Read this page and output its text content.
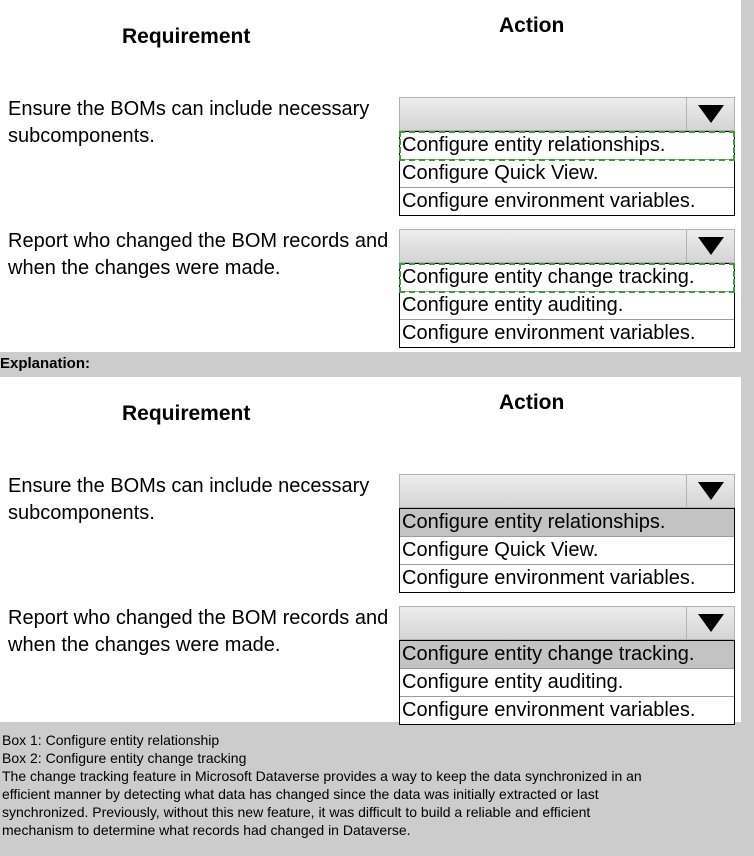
Requirement	Action
Ensure the BOMs can include necessary subcomponents.	Configure entity relationships.
Configure Quick View.
Configure environment variables.
Report who changed the BOM records and when the changes were made.	Configure entity change tracking.
Configure entity auditing.
Configure environment variables.
Explanation:
Requirement	Action
Ensure the BOMs can include necessary subcomponents.	Configure entity relationships.
Configure Quick View.
Configure environment variables.
Report who changed the BOM records and when the changes were made.	Configure entity change tracking.
Configure entity auditing.
Configure environment variables.

Box 1: Configure entity relationship

Box 2: Configure entity change tracking

The change tracking feature in Microsoft Dataverse provides a way to keep the data synchronized in an efficient manner by detecting what data has changed since the data was initially extracted or last synchronized. Previously, without this new feature, it was difficult to build a reliable and efficient mechanism to determine what records had changed in Dataverse.
